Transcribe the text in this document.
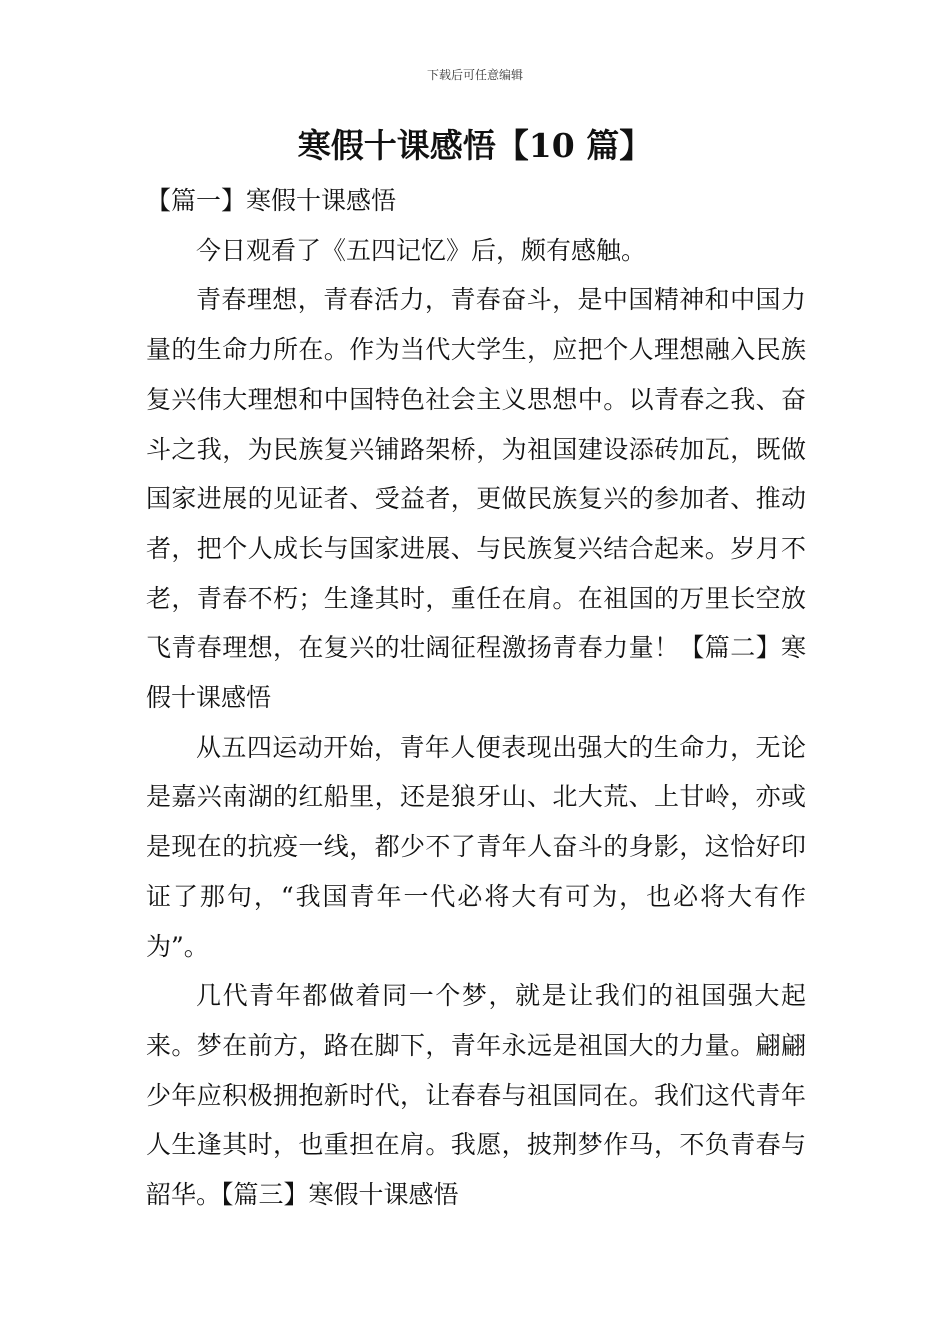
下载后可任意编辑
寒假十课感悟【10 篇】

【篇一】寒假十课感悟

今日观看了《五四记忆》后，颇有感触。

青春理想，青春活力，青春奋斗，是中国精神和中国力量的生命力所在。作为当代大学生，应把个人理想融入民族复兴伟大理想和中国特色社会主义思想中。以青春之我、奋斗之我，为民族复兴铺路架桥，为祖国建设添砖加瓦，既做国家进展的见证者、受益者，更做民族复兴的参加者、推动者，把个人成长与国家进展、与民族复兴结合起来。岁月不老，青春不朽；生逢其时，重任在肩。在祖国的万里长空放飞青春理想，在复兴的壮阔征程激扬青春力量！【篇二】寒假十课感悟

从五四运动开始，青年人便表现出强大的生命力，无论是嘉兴南湖的红船里，还是狼牙山、北大荒、上甘岭，亦或是现在的抗疫一线，都少不了青年人奋斗的身影，这恰好印证了那句，“我国青年一代必将大有可为，也必将大有作为”。

几代青年都做着同一个梦，就是让我们的祖国强大起来。梦在前方，路在脚下，青年永远是祖国大的力量。翩翩少年应积极拥抱新时代，让春春与祖国同在。我们这代青年人生逢其时，也重担在肩。我愿，披荆梦作马，不负青春与韶华。【篇三】寒假十课感悟
